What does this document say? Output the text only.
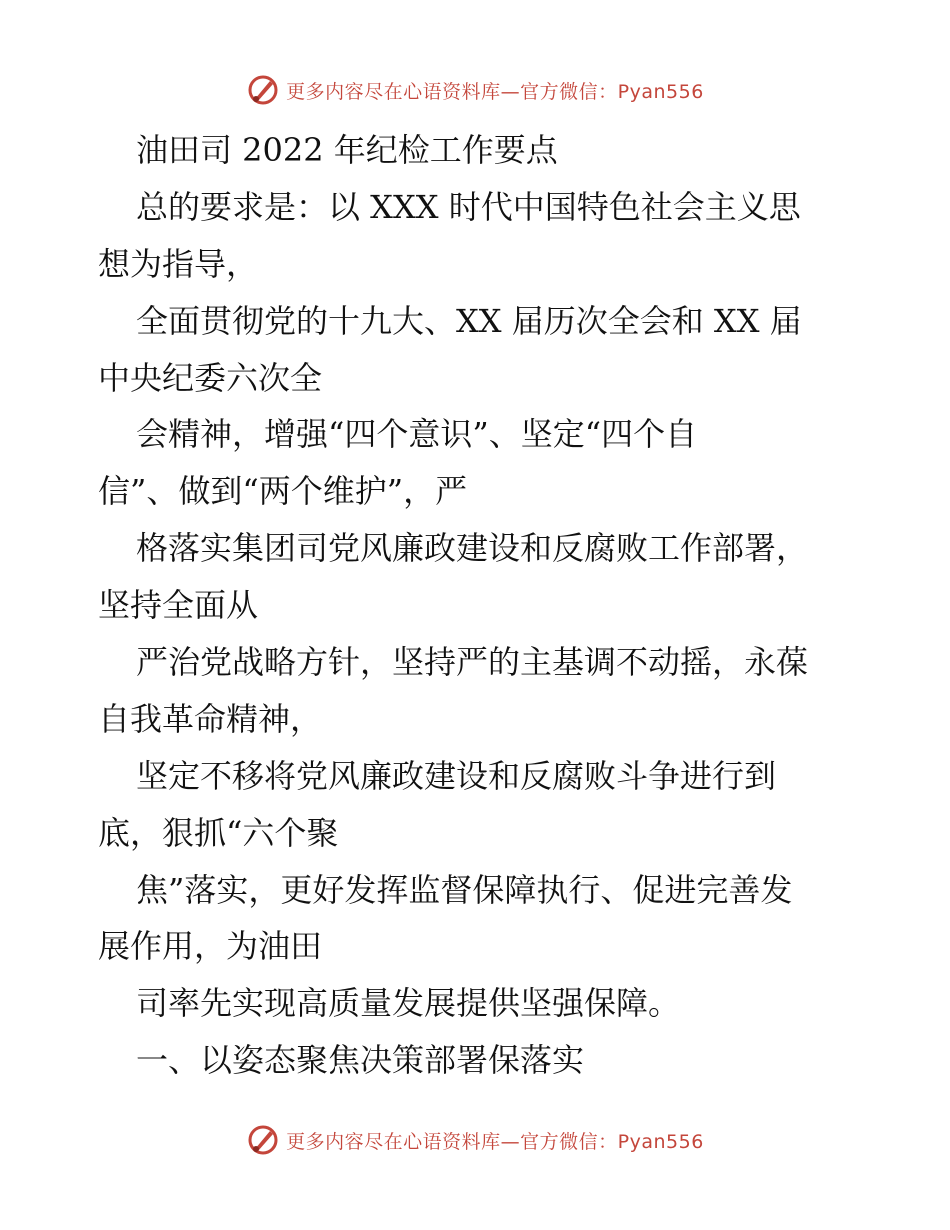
更多内容尽在心语资料库—官方微信：Pyan556
油田司 2022 年纪检工作要点
总的要求是：以 XXX 时代中国特色社会主义思
想为指导，
全面贯彻党的十九大、XX 届历次全会和 XX 届
中央纪委六次全
会精神，增强“四个意识”、坚定“四个自
信”、做到“两个维护”，严
格落实集团司党风廉政建设和反腐败工作部署，
坚持全面从
严治党战略方针，坚持严的主基调不动摇，永葆
自我革命精神，
坚定不移将党风廉政建设和反腐败斗争进行到
底，狠抓“六个聚
焦”落实，更好发挥监督保障执行、促进完善发
展作用，为油田
司率先实现高质量发展提供坚强保障。
一、以姿态聚焦决策部署保落实
更多内容尽在心语资料库—官方微信：Pyan556
